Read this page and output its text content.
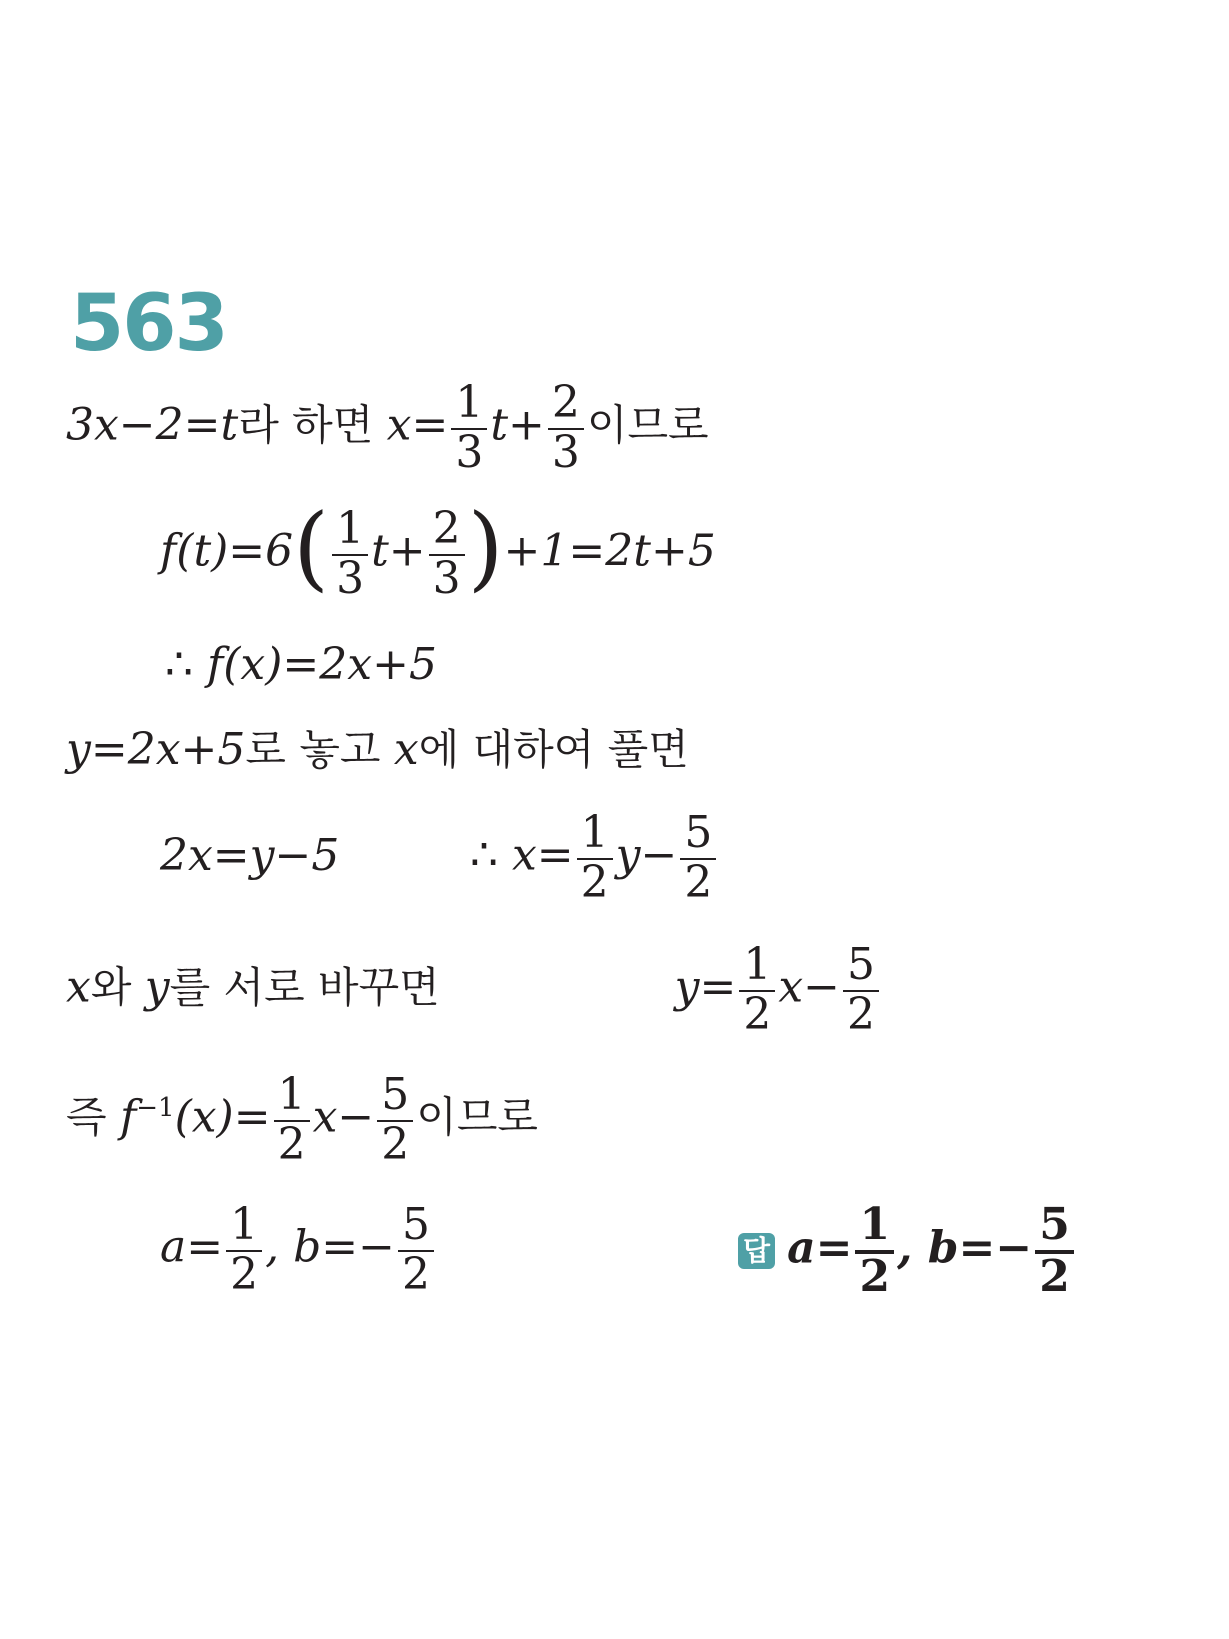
563
3x−2=t라 하면 $x= \frac{1}{3} t+ \frac{2}{3}$ 이므로
$f(t)=6( \frac{1}{3} t+ \frac{2}{3} )+1=2t+5$
∴ f(x)=2x+5
y=2x+5로 놓고 x에 대하여 풀면
2x=y−5	∴ $x= \frac{1}{2} y- \frac{5}{2}$
x와 y를 서로 바꾸면	$y= \frac{1}{2} x- \frac{5}{2}$
즉 $f^{-1}(x)= \frac{1}{2} x- \frac{5}{2}$ 이므로
$a= \frac{1}{2}$ , $b=- \frac{5}{2}$	답 $a= \frac{1}{2}$ , $b=- \frac{5}{2}$
